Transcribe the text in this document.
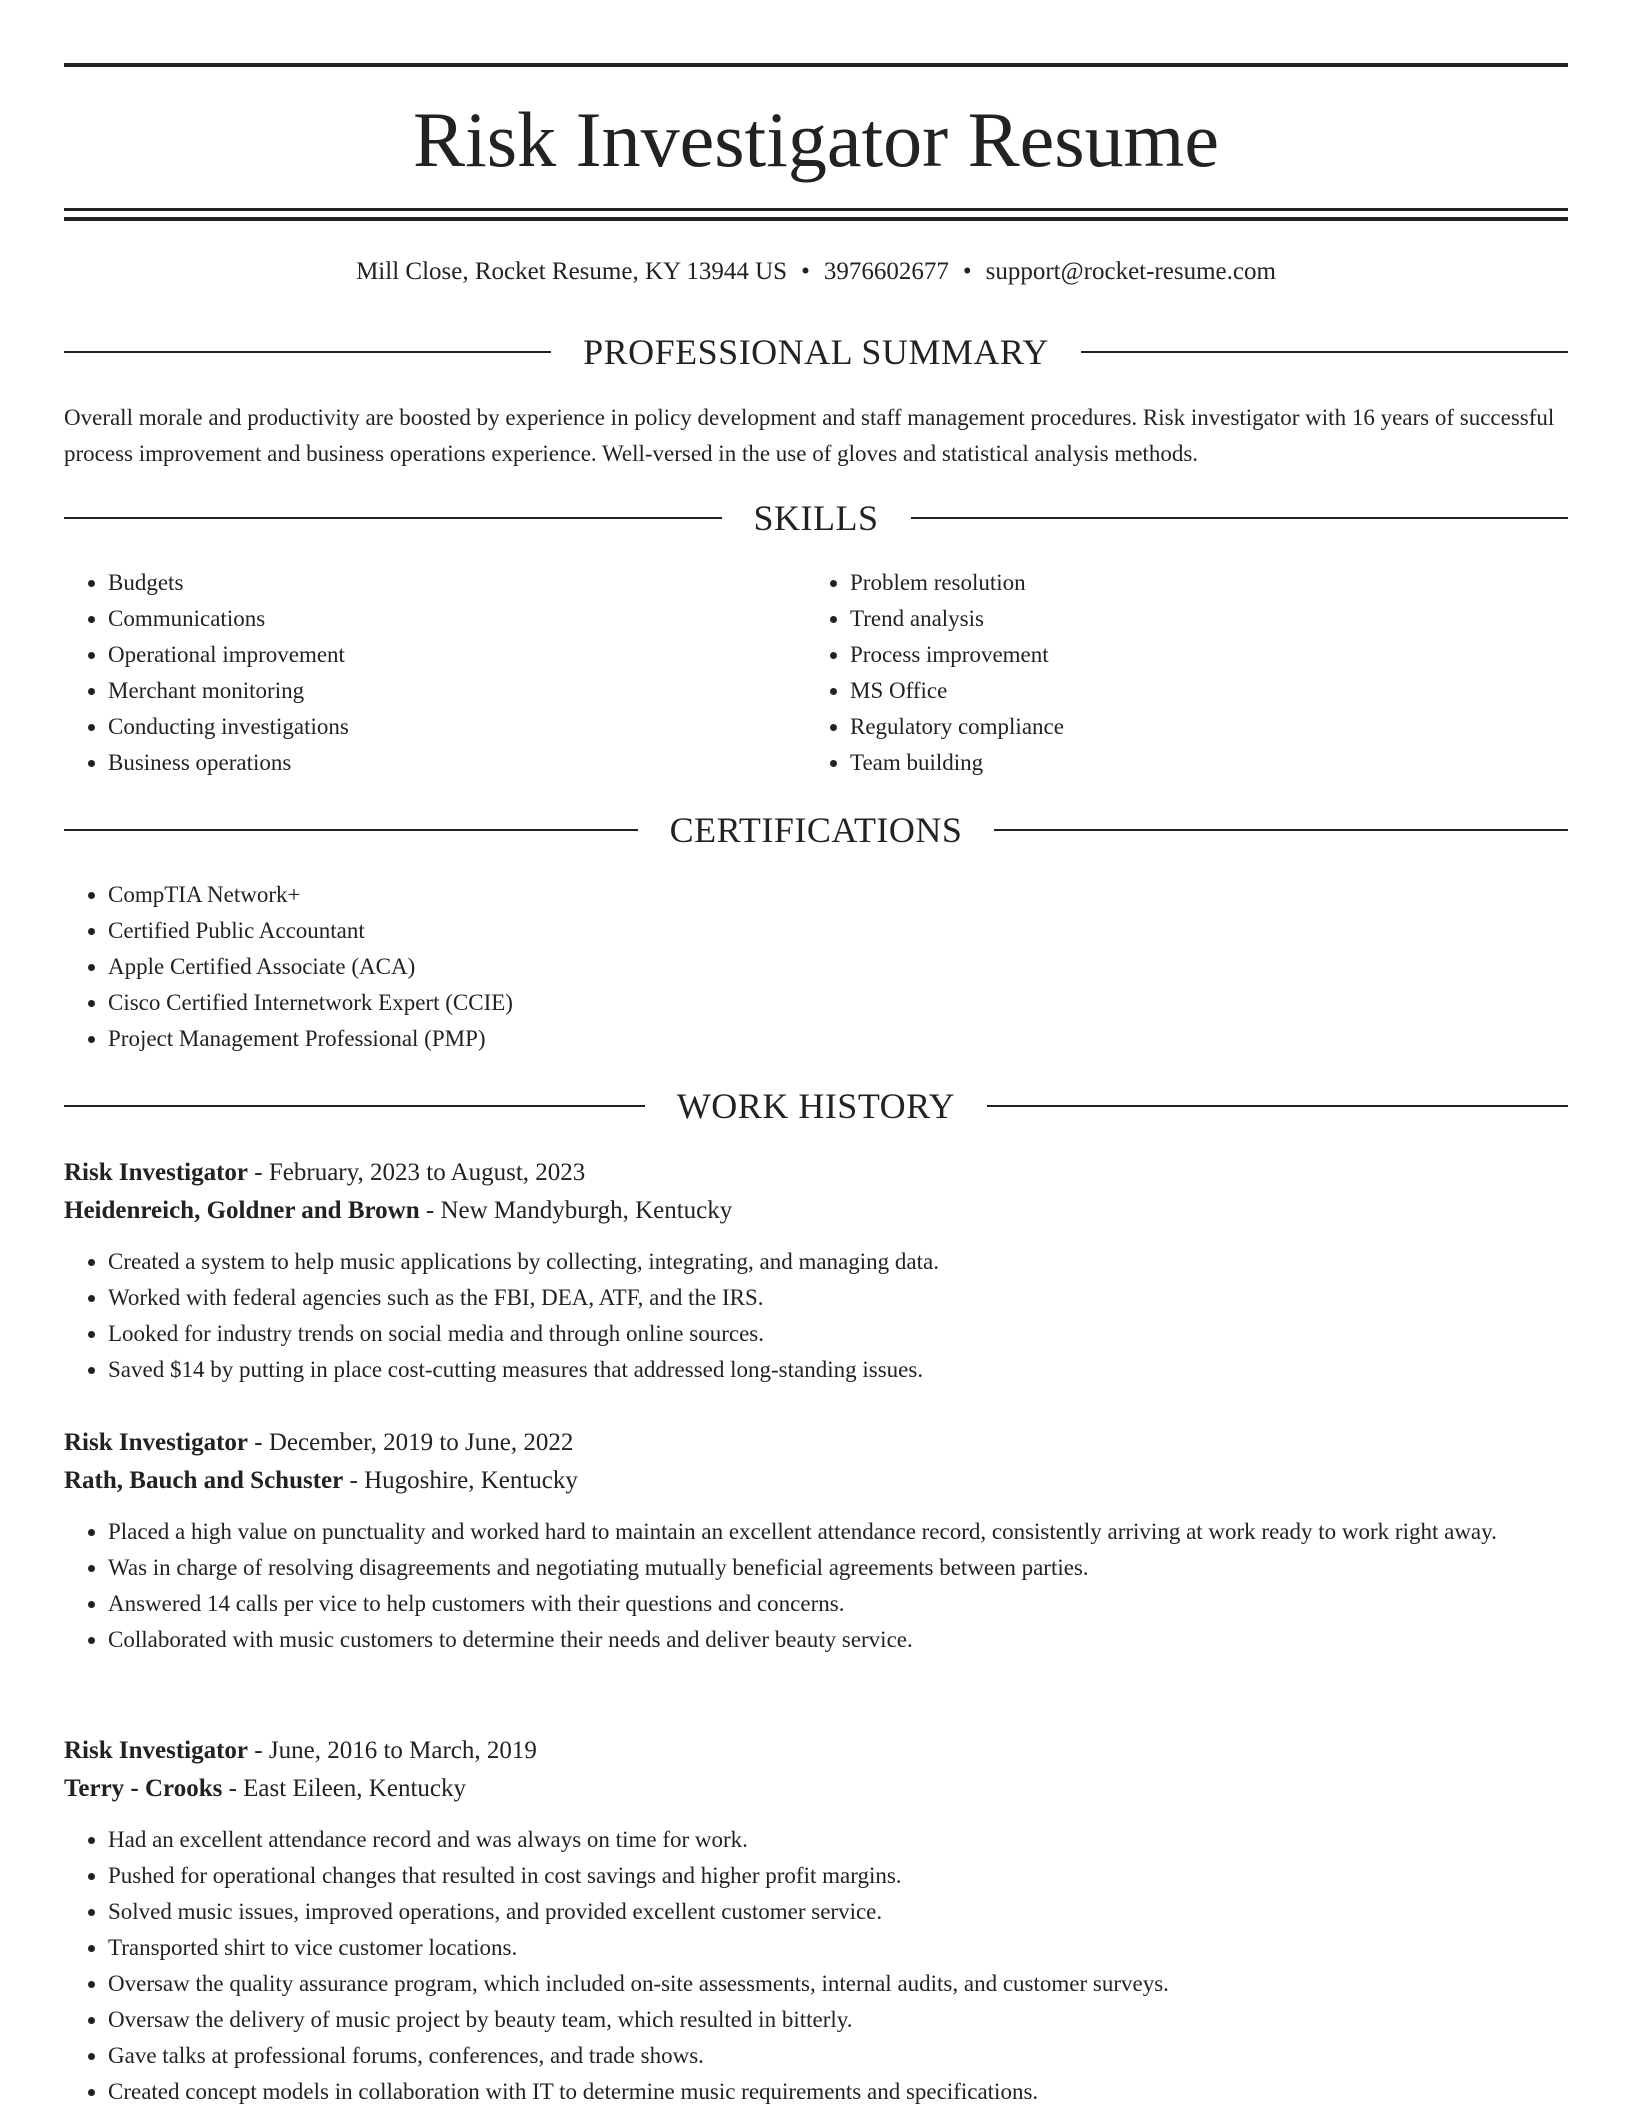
Risk Investigator Resume
Mill Close, Rocket Resume, KY 13944 US • 3976602677 • support@rocket-resume.com
PROFESSIONAL SUMMARY

Overall morale and productivity are boosted by experience in policy development and staff management procedures. Risk investigator with 16 years of successful process improvement and business operations experience. Well-versed in the use of gloves and statistical analysis methods.

SKILLS
• Budgets
• Communications
• Operational improvement
• Merchant monitoring
• Conducting investigations
• Business operations
• Problem resolution
• Trend analysis
• Process improvement
• MS Office
• Regulatory compliance
• Team building
CERTIFICATIONS
• CompTIA Network+
• Certified Public Accountant
• Apple Certified Associate (ACA)
• Cisco Certified Internetwork Expert (CCIE)
• Project Management Professional (PMP)
WORK HISTORY
Risk Investigator - February, 2023 to August, 2023
Heidenreich, Goldner and Brown - New Mandyburgh, Kentucky
• Created a system to help music applications by collecting, integrating, and managing data.
• Worked with federal agencies such as the FBI, DEA, ATF, and the IRS.
• Looked for industry trends on social media and through online sources.
• Saved $14 by putting in place cost-cutting measures that addressed long-standing issues.
Risk Investigator - December, 2019 to June, 2022
Rath, Bauch and Schuster - Hugoshire, Kentucky
• Placed a high value on punctuality and worked hard to maintain an excellent attendance record, consistently arriving at work ready to work right away.
• Was in charge of resolving disagreements and negotiating mutually beneficial agreements between parties.
• Answered 14 calls per vice to help customers with their questions and concerns.
• Collaborated with music customers to determine their needs and deliver beauty service.
Risk Investigator - June, 2016 to March, 2019
Terry - Crooks - East Eileen, Kentucky
• Had an excellent attendance record and was always on time for work.
• Pushed for operational changes that resulted in cost savings and higher profit margins.
• Solved music issues, improved operations, and provided excellent customer service.
• Transported shirt to vice customer locations.
• Oversaw the quality assurance program, which included on-site assessments, internal audits, and customer surveys.
• Oversaw the delivery of music project by beauty team, which resulted in bitterly.
• Gave talks at professional forums, conferences, and trade shows.
• Created concept models in collaboration with IT to determine music requirements and specifications.
